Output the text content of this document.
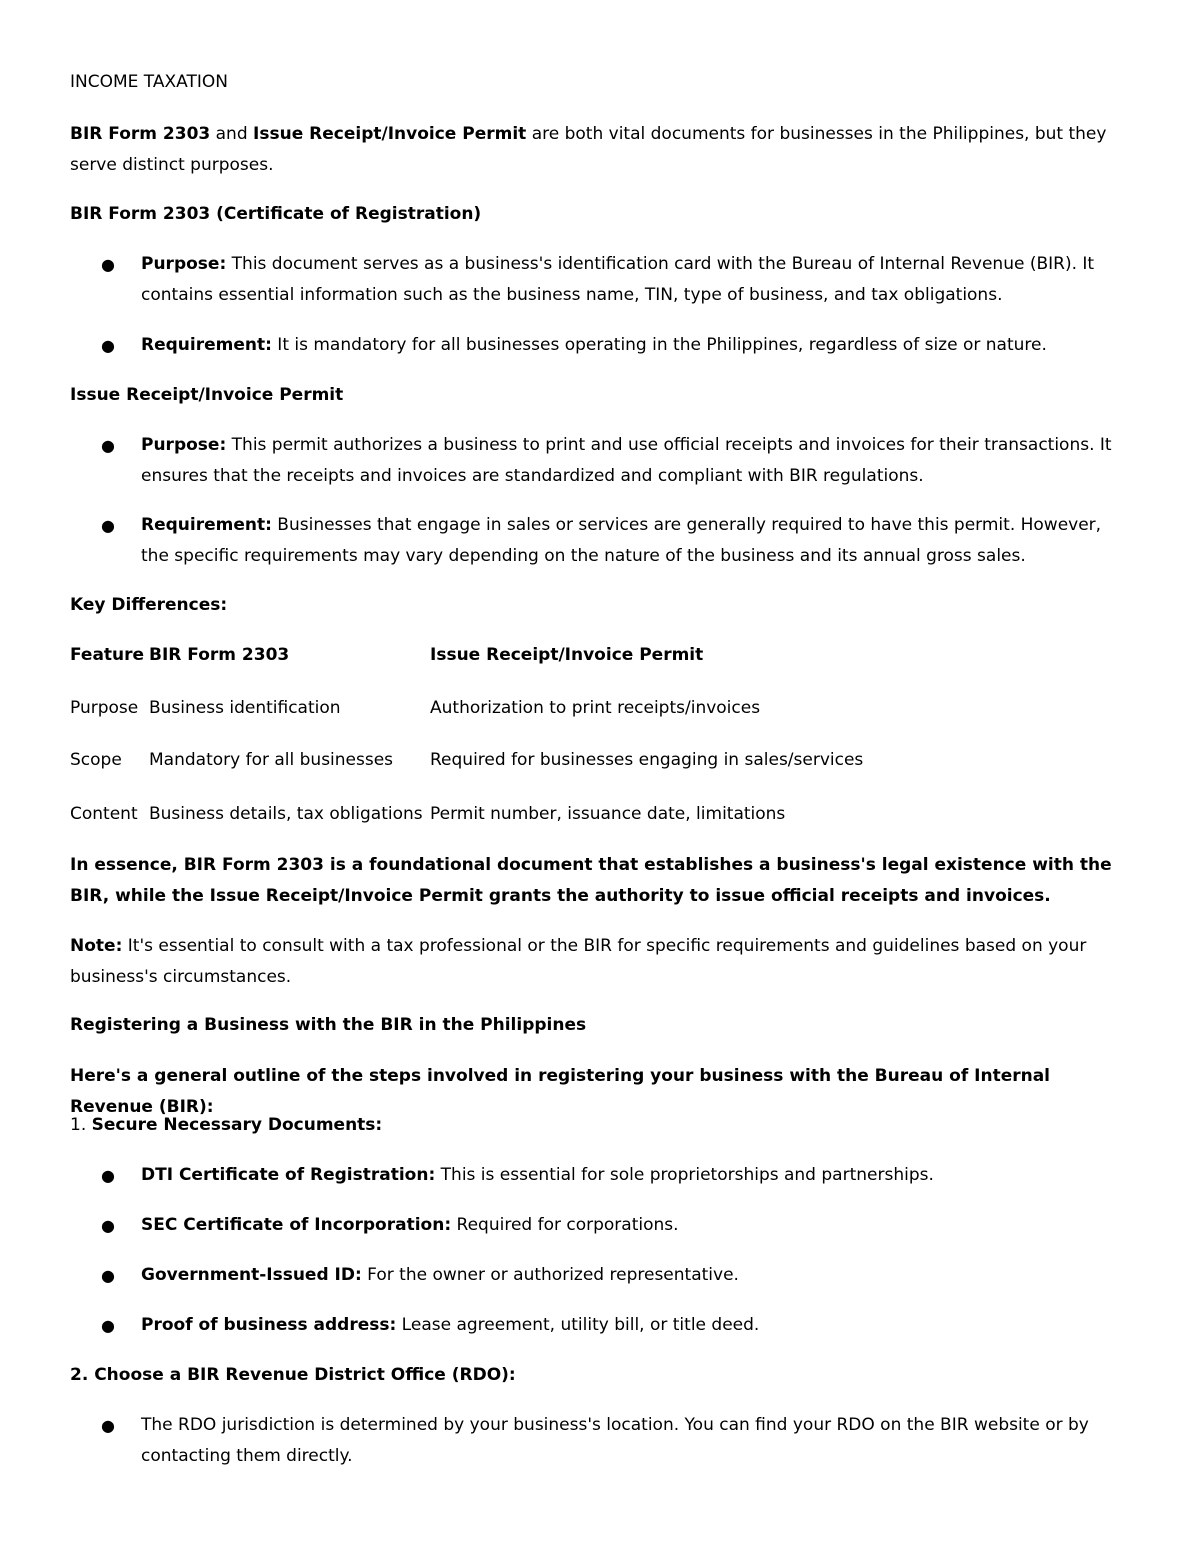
INCOME TAXATION
BIR Form 2303 and Issue Receipt/Invoice Permit are both vital documents for businesses in the Philippines, but they serve distinct purposes.
BIR Form 2303 (Certificate of Registration)
● Purpose: This document serves as a business's identification card with the Bureau of Internal Revenue (BIR). It contains essential information such as the business name, TIN, type of business, and tax obligations.
● Requirement: It is mandatory for all businesses operating in the Philippines, regardless of size or nature.
Issue Receipt/Invoice Permit
● Purpose: This permit authorizes a business to print and use official receipts and invoices for their transactions. It ensures that the receipts and invoices are standardized and compliant with BIR regulations.
● Requirement: Businesses that engage in sales or services are generally required to have this permit. However, the specific requirements may vary depending on the nature of the business and its annual gross sales.
Key Differences:
Feature BIR Form 2303	Issue Receipt/Invoice Permit
Purpose Business identification	Authorization to print receipts/invoices
Scope Mandatory for all businesses Required for businesses engaging in sales/services
Content Business details, tax obligations Permit number, issuance date, limitations
In essence, BIR Form 2303 is a foundational document that establishes a business's legal existence with the BIR, while the Issue Receipt/Invoice Permit grants the authority to issue official receipts and invoices.
Note: It's essential to consult with a tax professional or the BIR for specific requirements and guidelines based on your business's circumstances.
Registering a Business with the BIR in the Philippines
Here's a general outline of the steps involved in registering your business with the Bureau of Internal Revenue (BIR):
1. Secure Necessary Documents:
● DTI Certificate of Registration: This is essential for sole proprietorships and partnerships.
● SEC Certificate of Incorporation: Required for corporations.
● Government-Issued ID: For the owner or authorized representative.
● Proof of business address: Lease agreement, utility bill, or title deed.
2. Choose a BIR Revenue District Office (RDO):
● The RDO jurisdiction is determined by your business's location. You can find your RDO on the BIR website or by contacting them directly.
